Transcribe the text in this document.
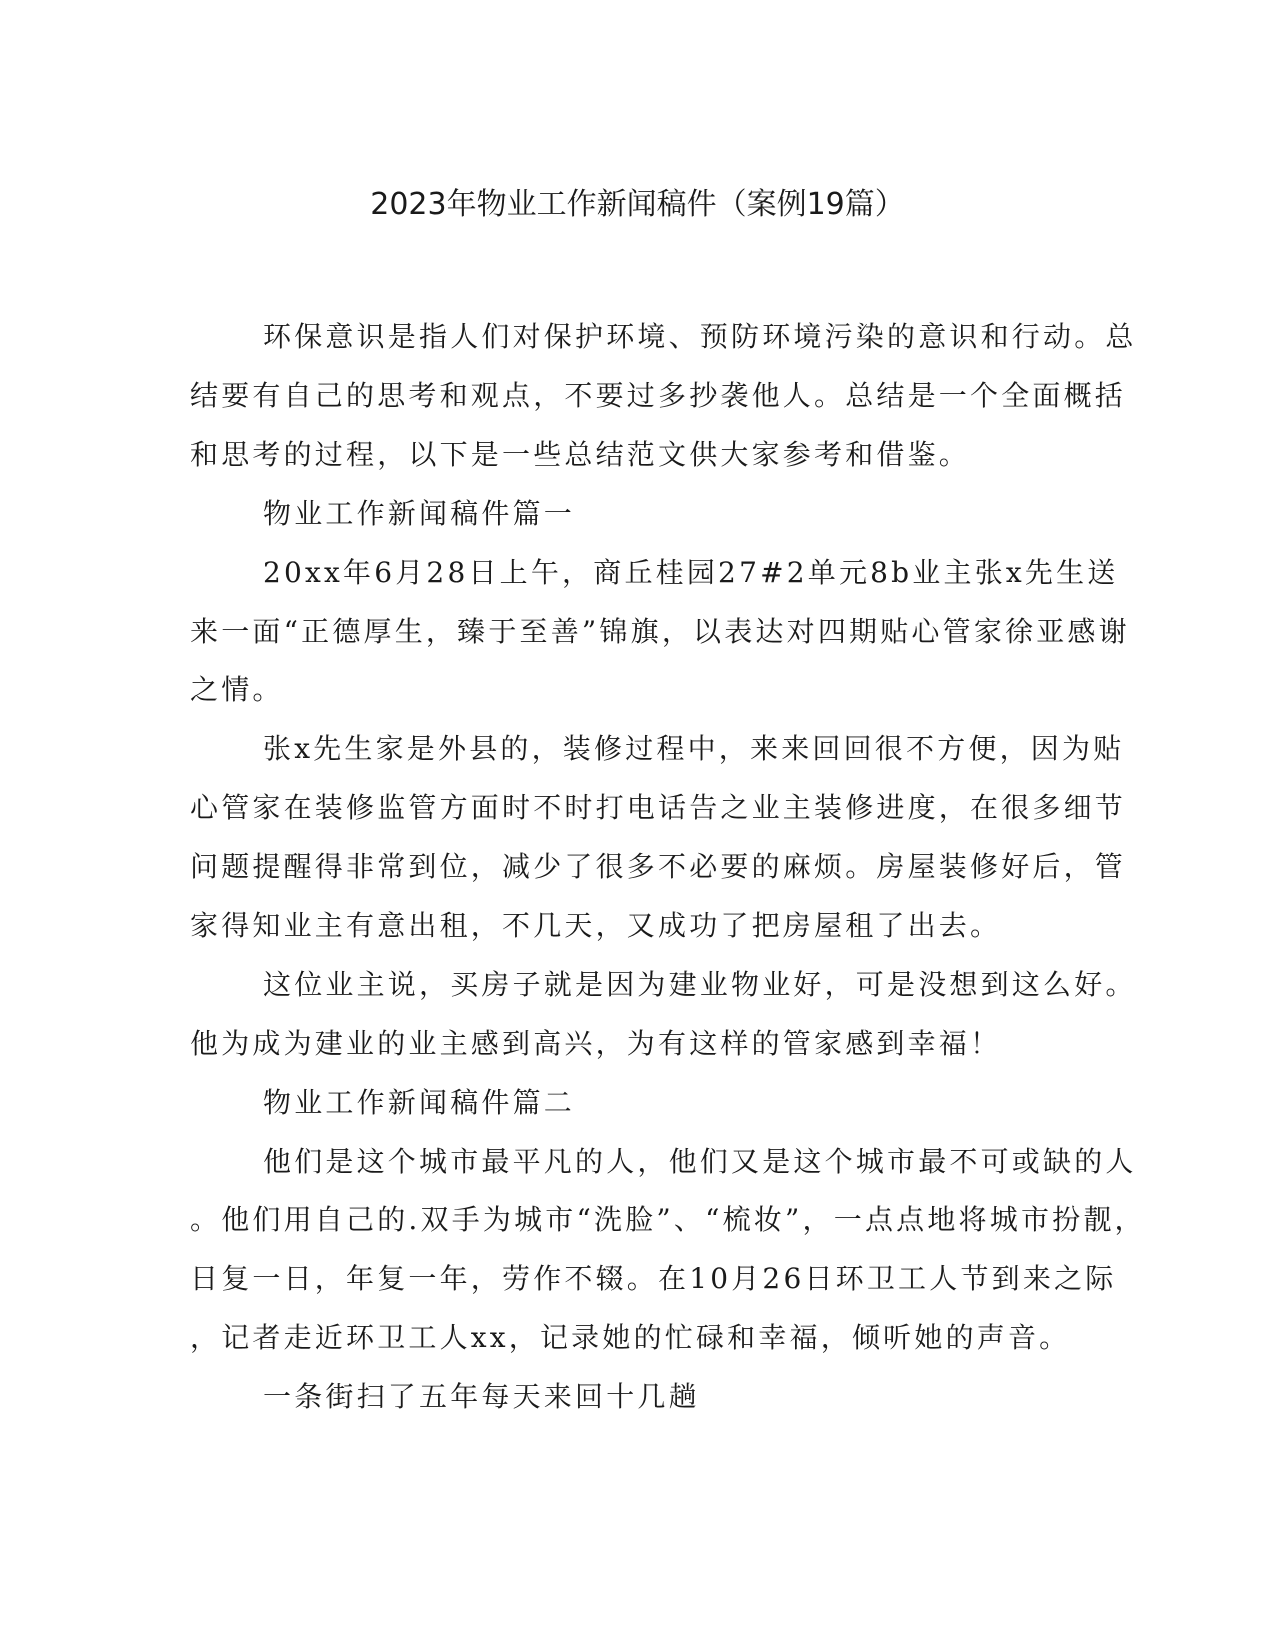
2023年物业工作新闻稿件（案例19篇）
环保意识是指人们对保护环境、预防环境污染的意识和行动。总
结要有自己的思考和观点，不要过多抄袭他人。总结是一个全面概括
和思考的过程，以下是一些总结范文供大家参考和借鉴。
物业工作新闻稿件篇一
20xx年6月28日上午，商丘桂园27#2单元8b业主张x先生送
来一面“正德厚生，臻于至善”锦旗，以表达对四期贴心管家徐亚感谢
之情。
张x先生家是外县的，装修过程中，来来回回很不方便，因为贴
心管家在装修监管方面时不时打电话告之业主装修进度，在很多细节
问题提醒得非常到位，减少了很多不必要的麻烦。房屋装修好后，管
家得知业主有意出租，不几天，又成功了把房屋租了出去。
这位业主说，买房子就是因为建业物业好，可是没想到这么好。
他为成为建业的业主感到高兴，为有这样的管家感到幸福！
物业工作新闻稿件篇二
他们是这个城市最平凡的人，他们又是这个城市最不可或缺的人
。他们用自己的.双手为城市“洗脸”、“梳妆”，一点点地将城市扮靓，
日复一日，年复一年，劳作不辍。在10月26日环卫工人节到来之际
，记者走近环卫工人xx，记录她的忙碌和幸福，倾听她的声音。
一条街扫了五年每天来回十几趟
